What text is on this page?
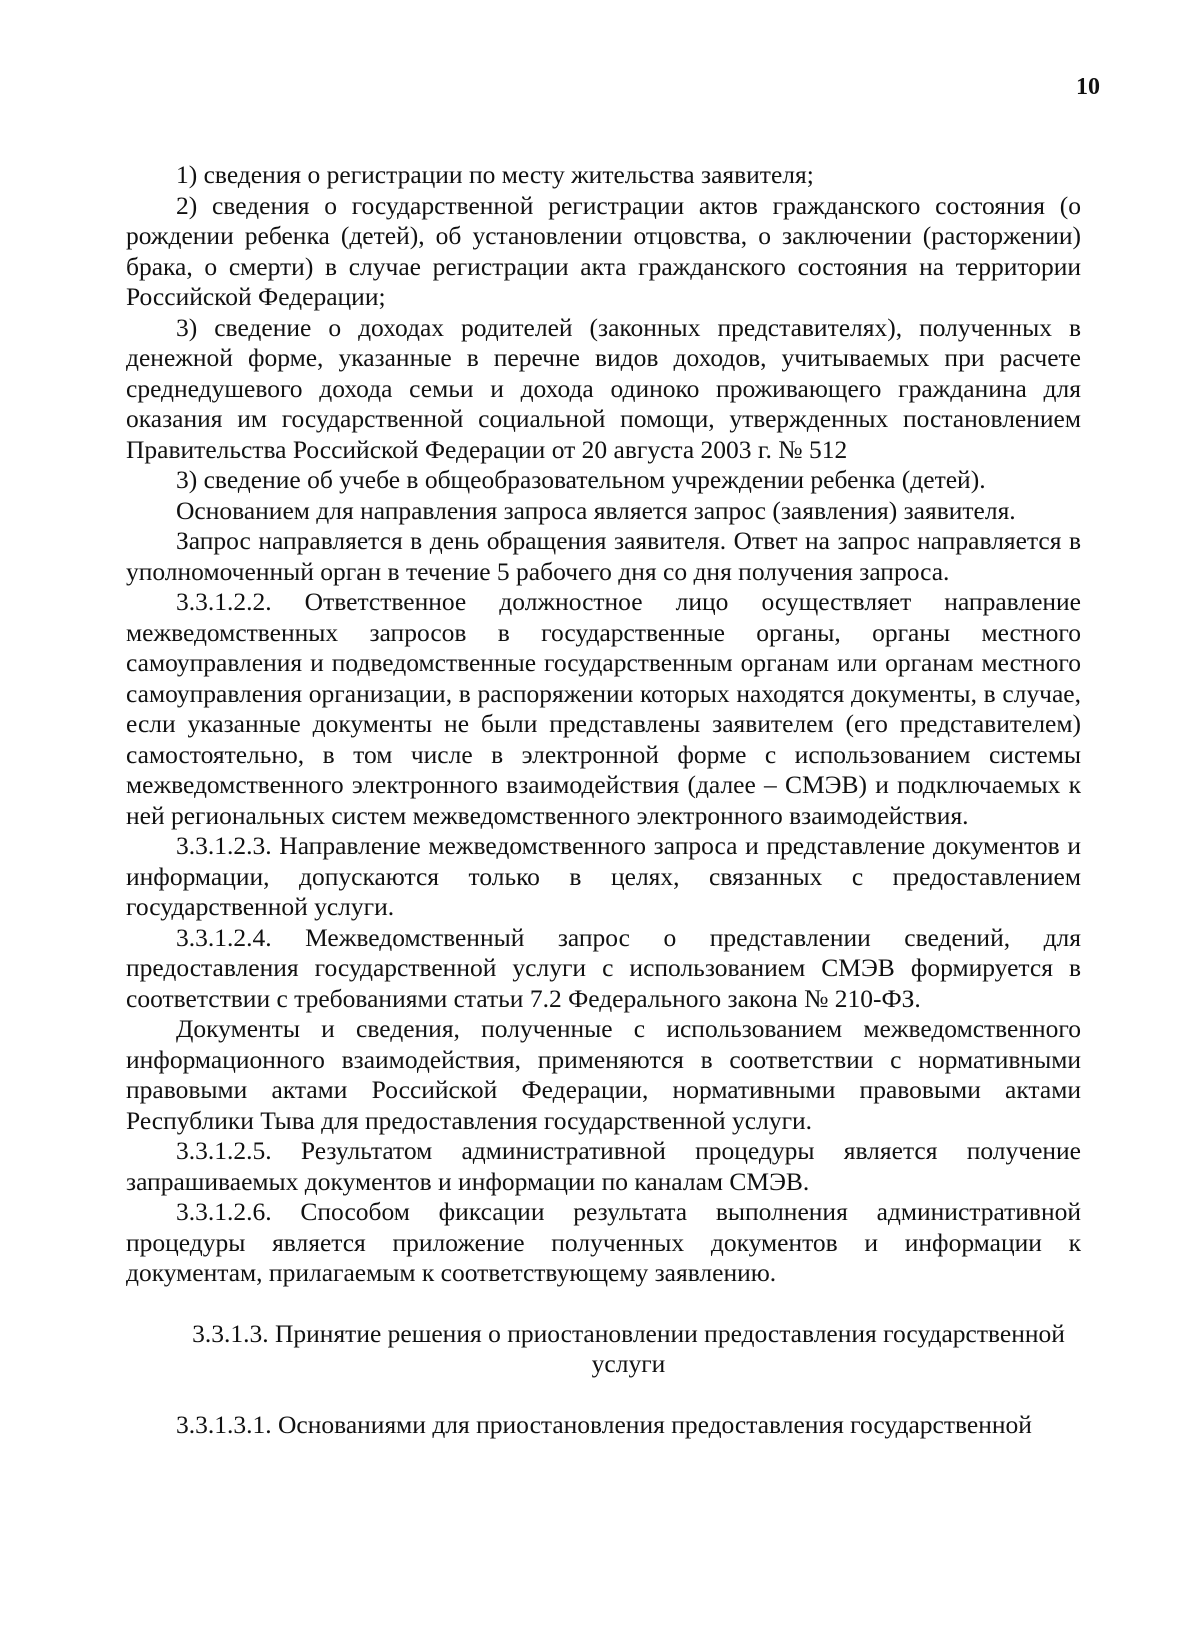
10

1) сведения о регистрации по месту жительства заявителя;

2) сведения о государственной регистрации актов гражданского состояния (о рождении ребенка (детей), об установлении отцовства, о заключении (расторжении) брака, о смерти) в случае регистрации акта гражданского состояния на территории Российской Федерации;

3) сведение о доходах родителей (законных представителях), полученных в денежной форме, указанные в перечне видов доходов, учитываемых при расчете среднедушевого дохода семьи и дохода одиноко проживающего гражданина для оказания им государственной социальной помощи, утвержденных постановлением Правительства Российской Федерации от 20 августа 2003 г. № 512

3) сведение об учебе в общеобразовательном учреждении ребенка (детей).

Основанием для направления запроса является запрос (заявления) заявителя.

Запрос направляется в день обращения заявителя. Ответ на запрос направляется в уполномоченный орган в течение 5 рабочего дня со дня получения запроса.

3.3.1.2.2. Ответственное должностное лицо осуществляет направление межведомственных запросов в государственные органы, органы местного самоуправления и подведомственные государственным органам или органам местного самоуправления организации, в распоряжении которых находятся документы, в случае, если указанные документы не были представлены заявителем (его представителем) самостоятельно, в том числе в электронной форме с использованием системы межведомственного электронного взаимодействия (далее – СМЭВ) и подключаемых к ней региональных систем межведомственного электронного взаимодействия.

3.3.1.2.3. Направление межведомственного запроса и представление документов и информации, допускаются только в целях, связанных с предоставлением государственной услуги.

3.3.1.2.4. Межведомственный запрос о представлении сведений, для предоставления государственной услуги с использованием СМЭВ формируется в соответствии с требованиями статьи 7.2 Федерального закона № 210-ФЗ.

Документы и сведения, полученные с использованием межведомственного информационного взаимодействия, применяются в соответствии с нормативными правовыми актами Российской Федерации, нормативными правовыми актами Республики Тыва для предоставления государственной услуги.

3.3.1.2.5. Результатом административной процедуры является получение запрашиваемых документов и информации по каналам СМЭВ.

3.3.1.2.6. Способом фиксации результата выполнения административной процедуры является приложение полученных документов и информации к документам, прилагаемым к соответствующему заявлению.

3.3.1.3. Принятие решения о приостановлении предоставления государственной услуги

3.3.1.3.1. Основаниями для приостановления предоставления государственной
